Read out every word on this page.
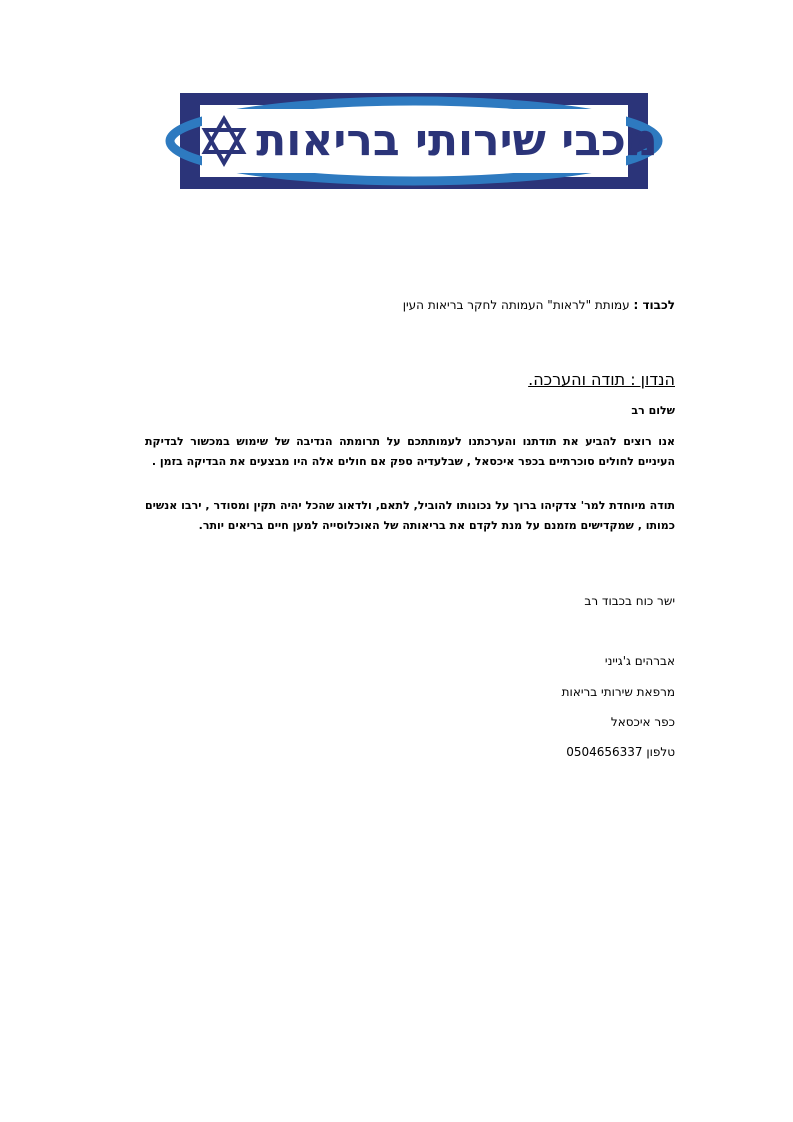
מכבי שירותי בריאות
לכבוד : עמותת "לראות" העמותה לחקר בריאות העין
הנדון : תודה והערכה.
שלום רב
אנו רוצים להביע את תודתנו והערכתנו לעמותתכם על תרומתה הנדיבה של שימוש במכשור לבדיקת העיניים לחולים סוכרתיים בכפר איכסאל , שבלעדיה ספק אם חולים אלה היו מבצעים את הבדיקה בזמן .
תודה מיוחדת למר' צדקיהו ברוך על נכונותו להוביל, לתאם, ולדאוג שהכל יהיה תקין ומסודר , ירבו אנשים כמותו , שמקדישים מזמנם על מנת לקדם את בריאותה של האוכלוסייה למען חיים בריאים יותר.
ישר כוח בכבוד רב
אברהים ג'גייני
מרפאת שירותי בריאות
כפר איכסאל
טלפון 0504656337
